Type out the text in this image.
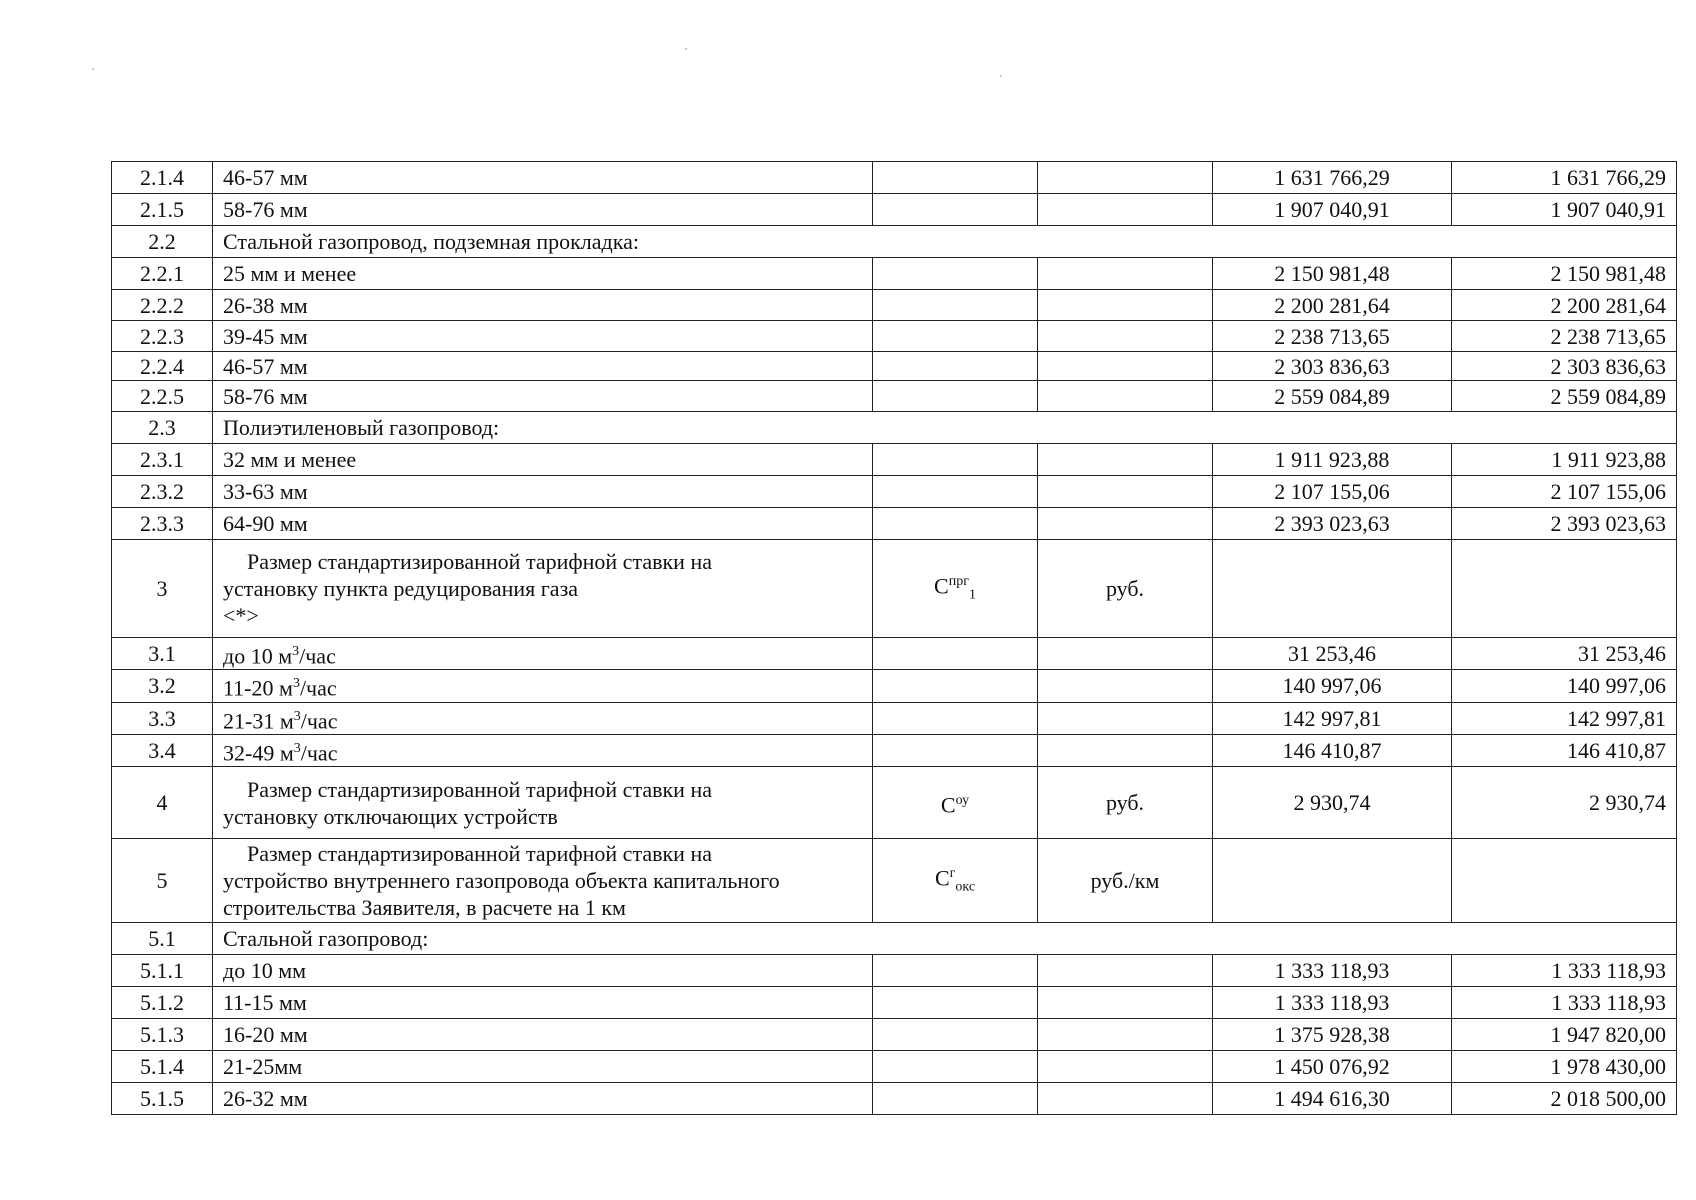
2.1.4	46-57 мм			1 631 766,29	1 631 766,29
2.1.5	58-76 мм			1 907 040,91	1 907 040,91
2.2	Стальной газопровод, подземная прокладка:				
2.2.1	25 мм и менее			2 150 981,48	2 150 981,48
2.2.2	26-38 мм			2 200 281,64	2 200 281,64
2.2.3	39-45 мм			2 238 713,65	2 238 713,65
2.2.4	46-57 мм			2 303 836,63	2 303 836,63
2.2.5	58-76 мм			2 559 084,89	2 559 084,89
2.3	Полиэтиленовый газопровод:				
2.3.1	32 мм и менее			1 911 923,88	1 911 923,88
2.3.2	33-63 мм			2 107 155,06	2 107 155,06
2.3.3	64-90 мм			2 393 023,63	2 393 023,63
3	Размер стандартизированной тарифной ставки на
установку пункта редуцирования газа
<*>	$C^{прг}_1$	руб.		
3.1	до 10 $м^3$/час			31 253,46	31 253,46
3.2	11-20 $м^3$/час			140 997,06	140 997,06
3.3	21-31 $м^3$/час			142 997,81	142 997,81
3.4	32-49 $м^3$/час			146 410,87	146 410,87
4	Размер стандартизированной тарифной ставки на
установку отключающих устройств	$C^{оу}$	руб.	2 930,74	2 930,74
5	Размер стандартизированной тарифной ставки на
устройство внутреннего газопровода объекта капитального
строительства Заявителя, в расчете на 1 км	$C^г_{окс}$	руб./км		
5.1	Стальной газопровод:				
5.1.1	до 10 мм			1 333 118,93	1 333 118,93
5.1.2	11-15 мм			1 333 118,93	1 333 118,93
5.1.3	16-20 мм			1 375 928,38	1 947 820,00
5.1.4	21-25мм			1 450 076,92	1 978 430,00
5.1.5	26-32 мм			1 494 616,30	2 018 500,00
